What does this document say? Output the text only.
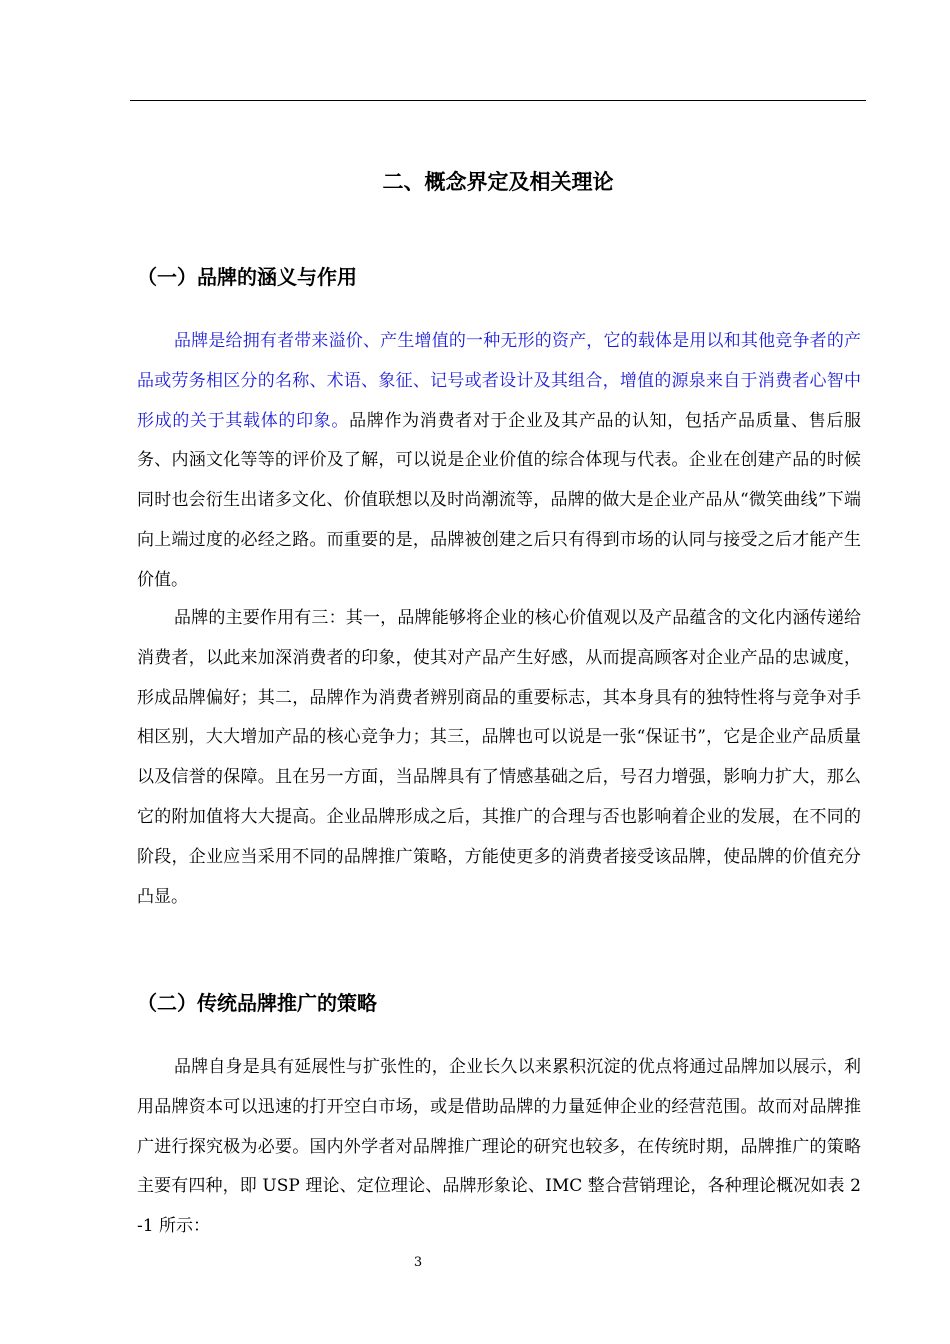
二、概念界定及相关理论
（一）品牌的涵义与作用

品牌是给拥有者带来溢价、产生增值的一种无形的资产，它的载体是用以和其他竞争者的产品或劳务相区分的名称、术语、象征、记号或者设计及其组合，增值的源泉来自于消费者心智中形成的关于其载体的印象。品牌作为消费者对于企业及其产品的认知，包括产品质量、售后服务、内涵文化等等的评价及了解，可以说是企业价值的综合体现与代表。企业在创建产品的时候同时也会衍生出诸多文化、价值联想以及时尚潮流等，品牌的做大是企业产品从“微笑曲线”下端向上端过度的必经之路。而重要的是，品牌被创建之后只有得到市场的认同与接受之后才能产生价值。

品牌的主要作用有三：其一，品牌能够将企业的核心价值观以及产品蕴含的文化内涵传递给消费者，以此来加深消费者的印象，使其对产品产生好感，从而提高顾客对企业产品的忠诚度，形成品牌偏好；其二，品牌作为消费者辨别商品的重要标志，其本身具有的独特性将与竞争对手相区别，大大增加产品的核心竞争力；其三，品牌也可以说是一张“保证书”，它是企业产品质量以及信誉的保障。且在另一方面，当品牌具有了情感基础之后，号召力增强，影响力扩大，那么它的附加值将大大提高。企业品牌形成之后，其推广的合理与否也影响着企业的发展，在不同的阶段，企业应当采用不同的品牌推广策略，方能使更多的消费者接受该品牌，使品牌的价值充分凸显。

（二）传统品牌推广的策略

品牌自身是具有延展性与扩张性的，企业长久以来累积沉淀的优点将通过品牌加以展示，利用品牌资本可以迅速的打开空白市场，或是借助品牌的力量延伸企业的经营范围。故而对品牌推广进行探究极为必要。国内外学者对品牌推广理论的研究也较多，在传统时期，品牌推广的策略主要有四种，即 USP 理论、定位理论、品牌形象论、IMC 整合营销理论，各种理论概况如表 2-1 所示：

3
